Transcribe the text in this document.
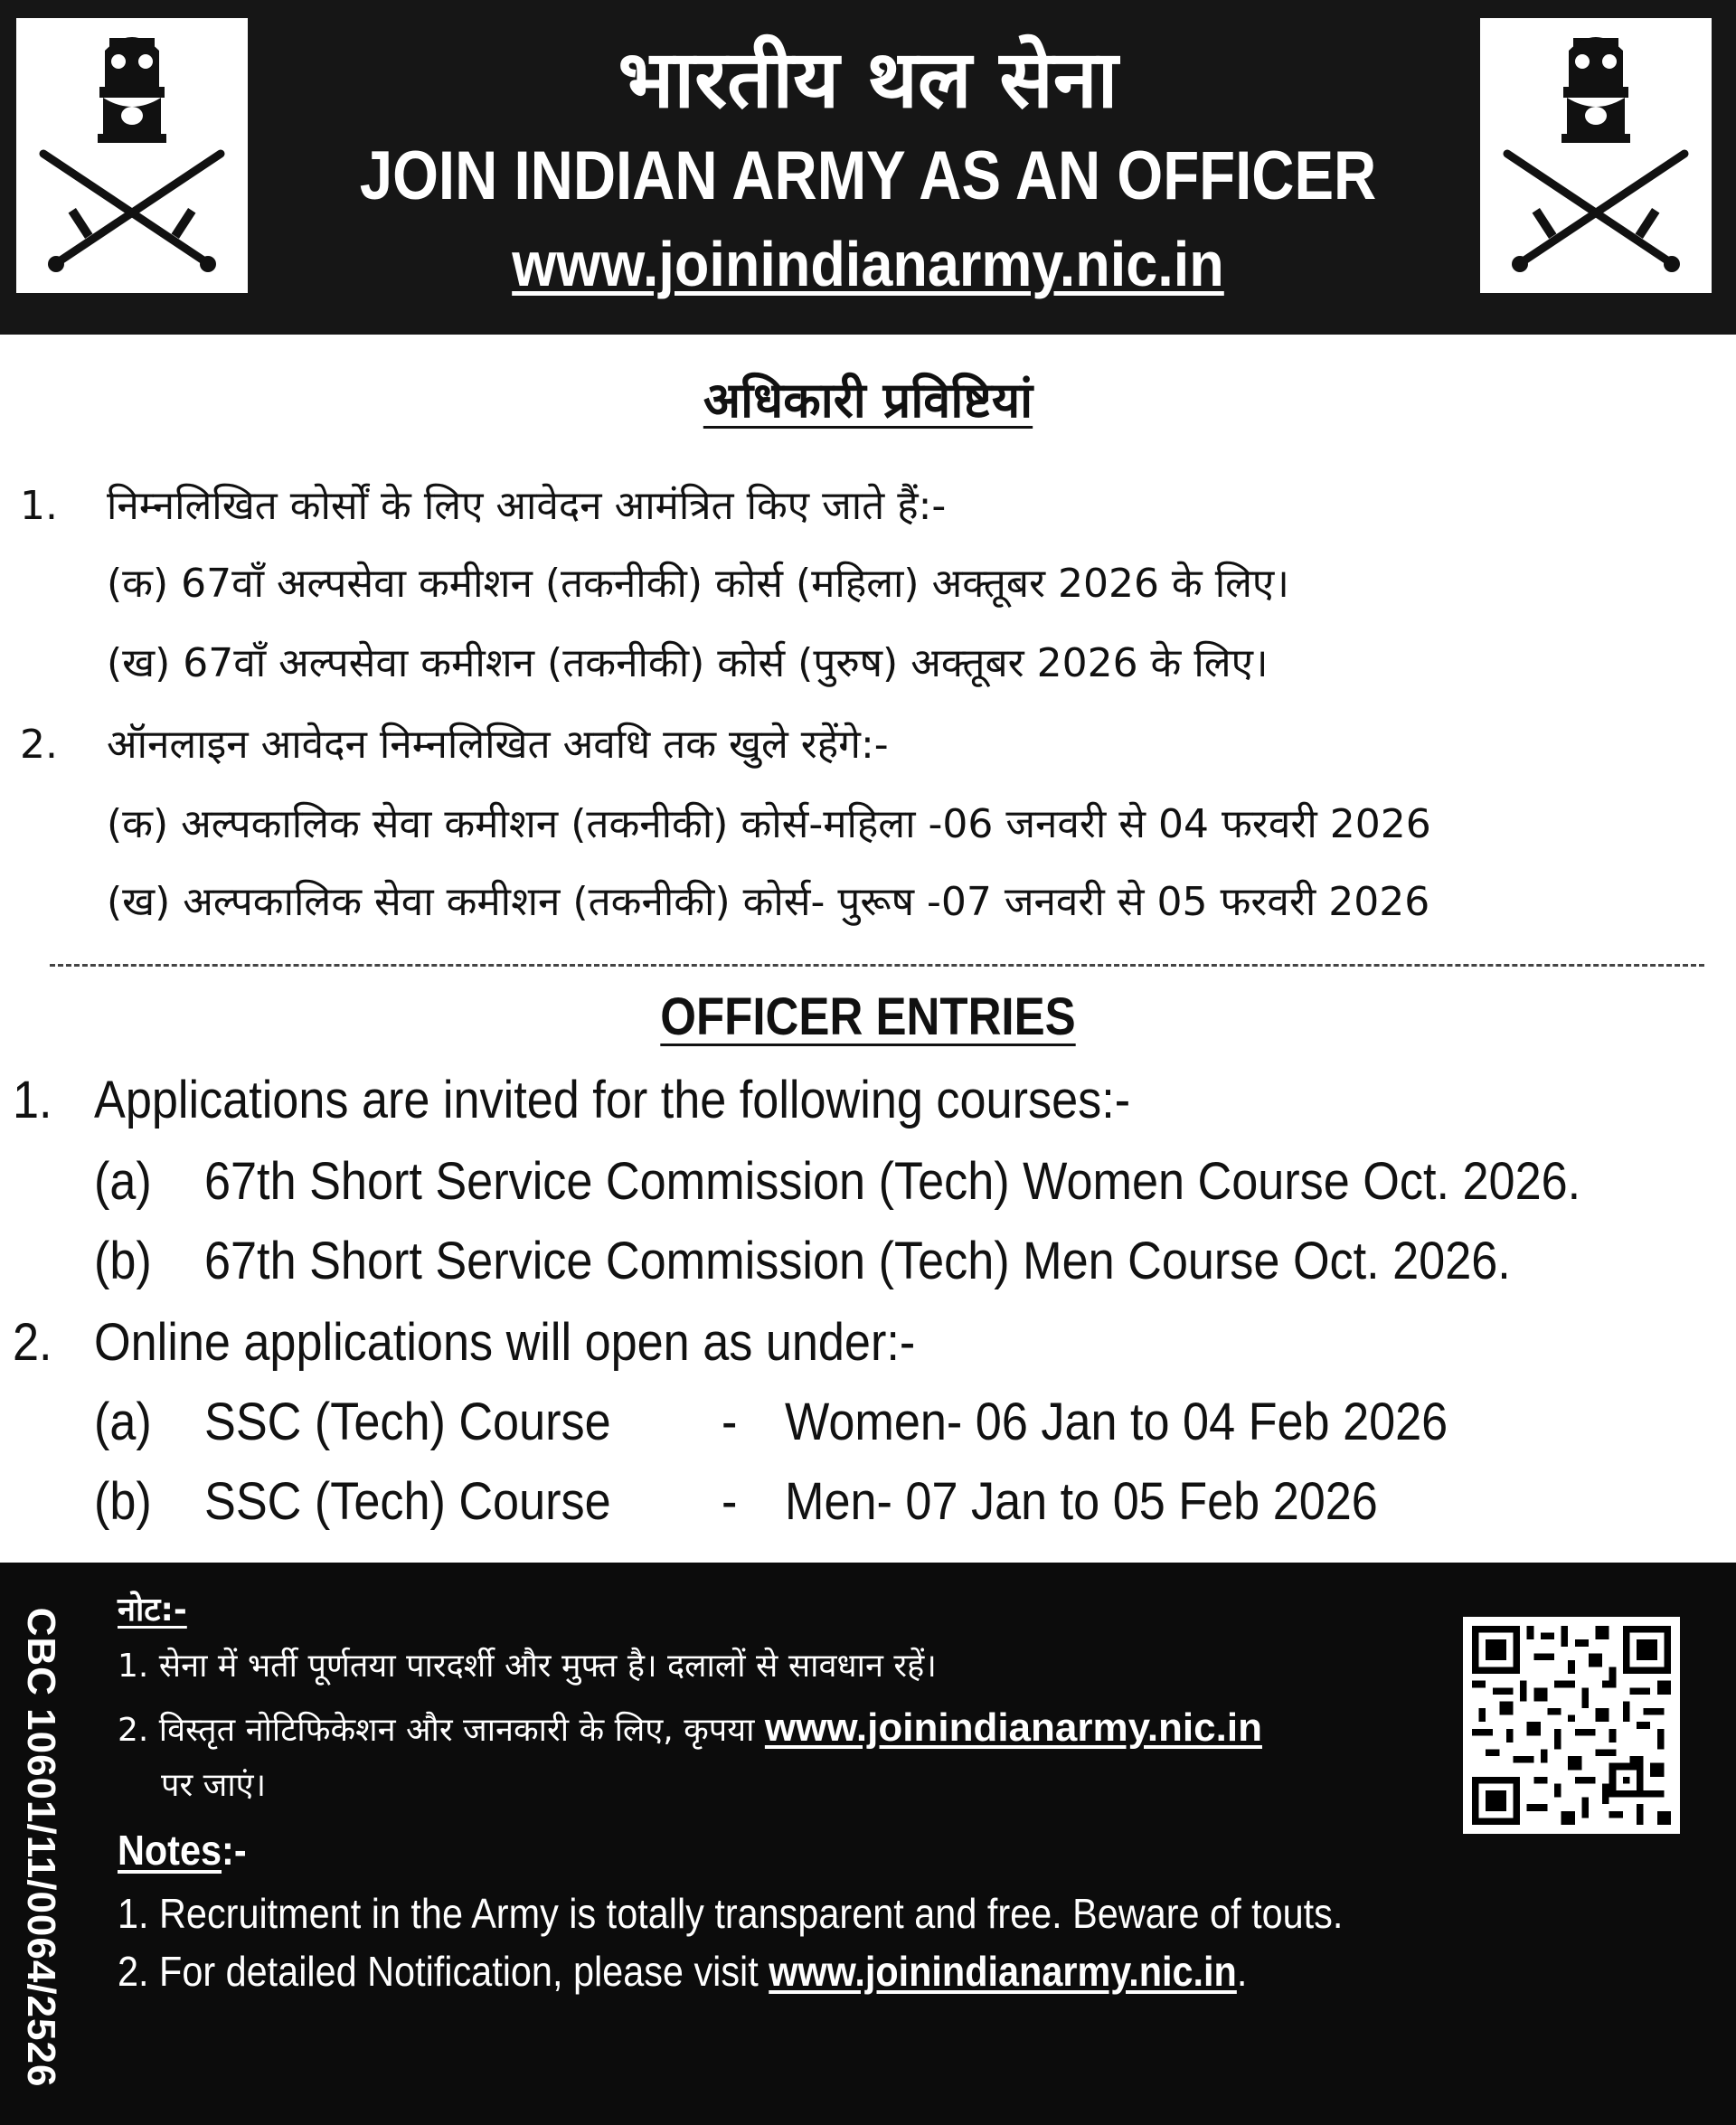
भारतीय थल सेना
JOIN INDIAN ARMY AS AN OFFICER
www.joinindianarmy.nic.in
अधिकारी प्रविष्टियां
1. निम्नलिखित कोर्सों के लिए आवेदन आमंत्रित किए जाते हैं:-
(क) 67वाँ अल्पसेवा कमीशन (तकनीकी) कोर्स (महिला) अक्तूबर 2026 के लिए।
(ख) 67वाँ अल्पसेवा कमीशन (तकनीकी) कोर्स (पुरुष) अक्तूबर 2026 के लिए।
2. ऑनलाइन आवेदन निम्नलिखित अवधि तक खुले रहेंगे:-
(क) अल्पकालिक सेवा कमीशन (तकनीकी) कोर्स-महिला -06 जनवरी से 04 फरवरी 2026
(ख) अल्पकालिक सेवा कमीशन (तकनीकी) कोर्स- पुरूष -07 जनवरी से 05 फरवरी 2026
OFFICER ENTRIES
1. Applications are invited for the following courses:-
(a) 67th Short Service Commission (Tech) Women Course Oct. 2026.
(b) 67th Short Service Commission (Tech) Men Course Oct. 2026.
2. Online applications will open as under:-
(a) SSC (Tech) Course - Women- 06 Jan to 04 Feb 2026
(b) SSC (Tech) Course - Men- 07 Jan to 05 Feb 2026
CBC 10601/11/0064/2526 नोट:-
1. सेना में भर्ती पूर्णतया पारदर्शी और मुफ्त है। दलालों से सावधान रहें।
2. विस्तृत नोटिफिकेशन और जानकारी के लिए, कृपया www.joinindianarmy.nic.in
पर जाएं।
Notes:-
1. Recruitment in the Army is totally transparent and free. Beware of touts.
2. For detailed Notification, please visit www.joinindianarmy.nic.in.
